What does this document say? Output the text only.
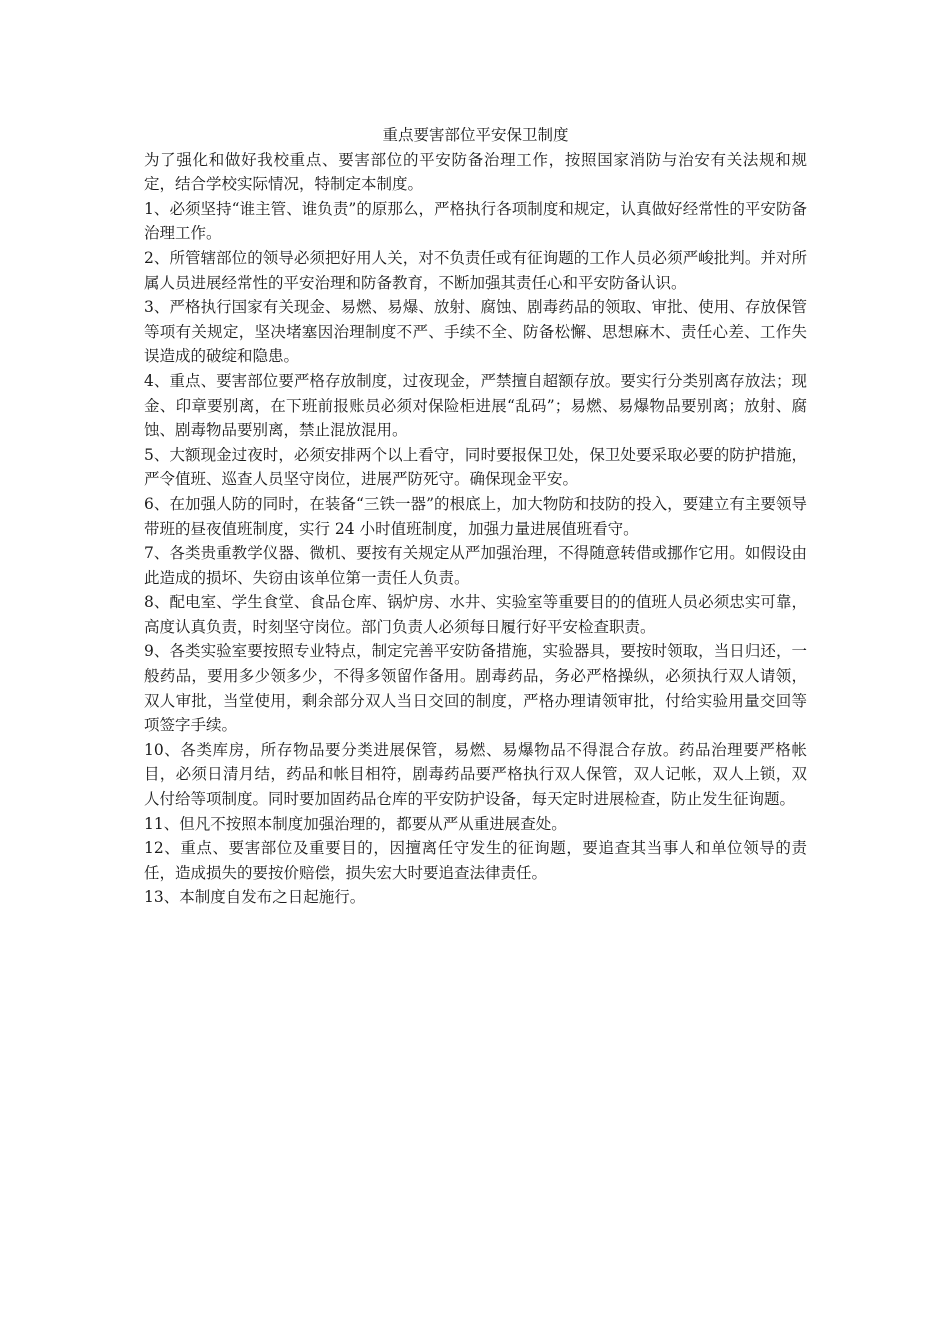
重点要害部位平安保卫制度

为了强化和做好我校重点、要害部位的平安防备治理工作，按照国家消防与治安有关法规和规定，结合学校实际情况，特制定本制度。

1、必须坚持“谁主管、谁负责”的原那么，严格执行各项制度和规定，认真做好经常性的平安防备治理工作。

2、所管辖部位的领导必须把好用人关，对不负责任或有征询题的工作人员必须严峻批判。并对所属人员进展经常性的平安治理和防备教育，不断加强其责任心和平安防备认识。

3、严格执行国家有关现金、易燃、易爆、放射、腐蚀、剧毒药品的领取、审批、使用、存放保管等项有关规定，坚决堵塞因治理制度不严、手续不全、防备松懈、思想麻木、责任心差、工作失误造成的破绽和隐患。

4、重点、要害部位要严格存放制度，过夜现金，严禁擅自超额存放。要实行分类别离存放法；现金、印章要别离，在下班前报账员必须对保险柜进展“乱码”；易燃、易爆物品要别离；放射、腐蚀、剧毒物品要别离，禁止混放混用。

5、大额现金过夜时，必须安排两个以上看守，同时要报保卫处，保卫处要采取必要的防护措施，严令值班、巡查人员坚守岗位，进展严防死守。确保现金平安。

6、在加强人防的同时，在装备“三铁一器”的根底上，加大物防和技防的投入，要建立有主要领导带班的昼夜值班制度，实行 24 小时值班制度，加强力量进展值班看守。

7、各类贵重教学仪器、微机、要按有关规定从严加强治理，不得随意转借或挪作它用。如假设由此造成的损坏、失窃由该单位第一责任人负责。

8、配电室、学生食堂、食品仓库、锅炉房、水井、实验室等重要目的的值班人员必须忠实可靠，高度认真负责，时刻坚守岗位。部门负责人必须每日履行好平安检查职责。

9、各类实验室要按照专业特点，制定完善平安防备措施，实验器具，要按时领取，当日归还，一般药品，要用多少领多少，不得多领留作备用。剧毒药品，务必严格操纵，必须执行双人请领，双人审批，当堂使用，剩余部分双人当日交回的制度，严格办理请领审批，付给实验用量交回等项签字手续。

10、各类库房，所存物品要分类进展保管，易燃、易爆物品不得混合存放。药品治理要严格帐目，必须日清月结，药品和帐目相符，剧毒药品要严格执行双人保管，双人记帐，双人上锁，双人付给等项制度。同时要加固药品仓库的平安防护设备，每天定时进展检查，防止发生征询题。

11、但凡不按照本制度加强治理的，都要从严从重进展查处。

12、重点、要害部位及重要目的，因擅离任守发生的征询题，要追查其当事人和单位领导的责任，造成损失的要按价赔偿，损失宏大时要追查法律责任。

13、本制度自发布之日起施行。
